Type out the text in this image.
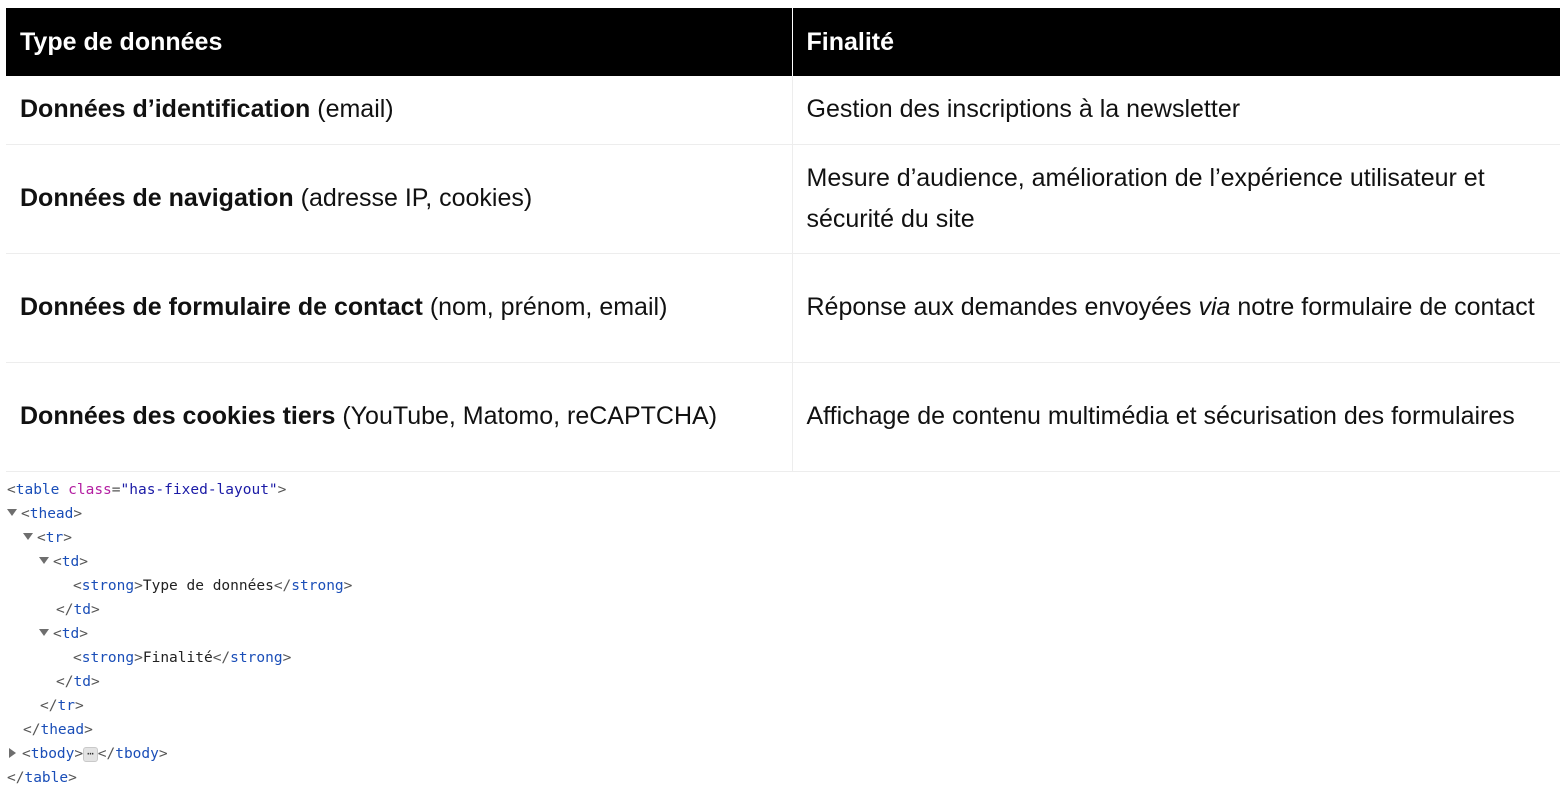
Type de données	Finalité
Données d’identification (email)	Gestion des inscriptions à la newsletter
Données de navigation (adresse IP, cookies)	Mesure d’audience, amélioration de l’expérience utilisateur et sécurité du site
Données de formulaire de contact (nom, prénom, email)	Réponse aux demandes envoyées via notre formulaire de contact
Données des cookies tiers (YouTube, Matomo, reCAPTCHA)	Affichage de contenu multimédia et sécurisation des formulaires
<table class="has-fixed-layout">
<thead>
<tr>
<td>
<strong>Type de données</strong>
</td>
<td>
<strong>Finalité</strong>
</td>
</tr>
</thead>
<tbody> ⋯ </tbody>
</table>
